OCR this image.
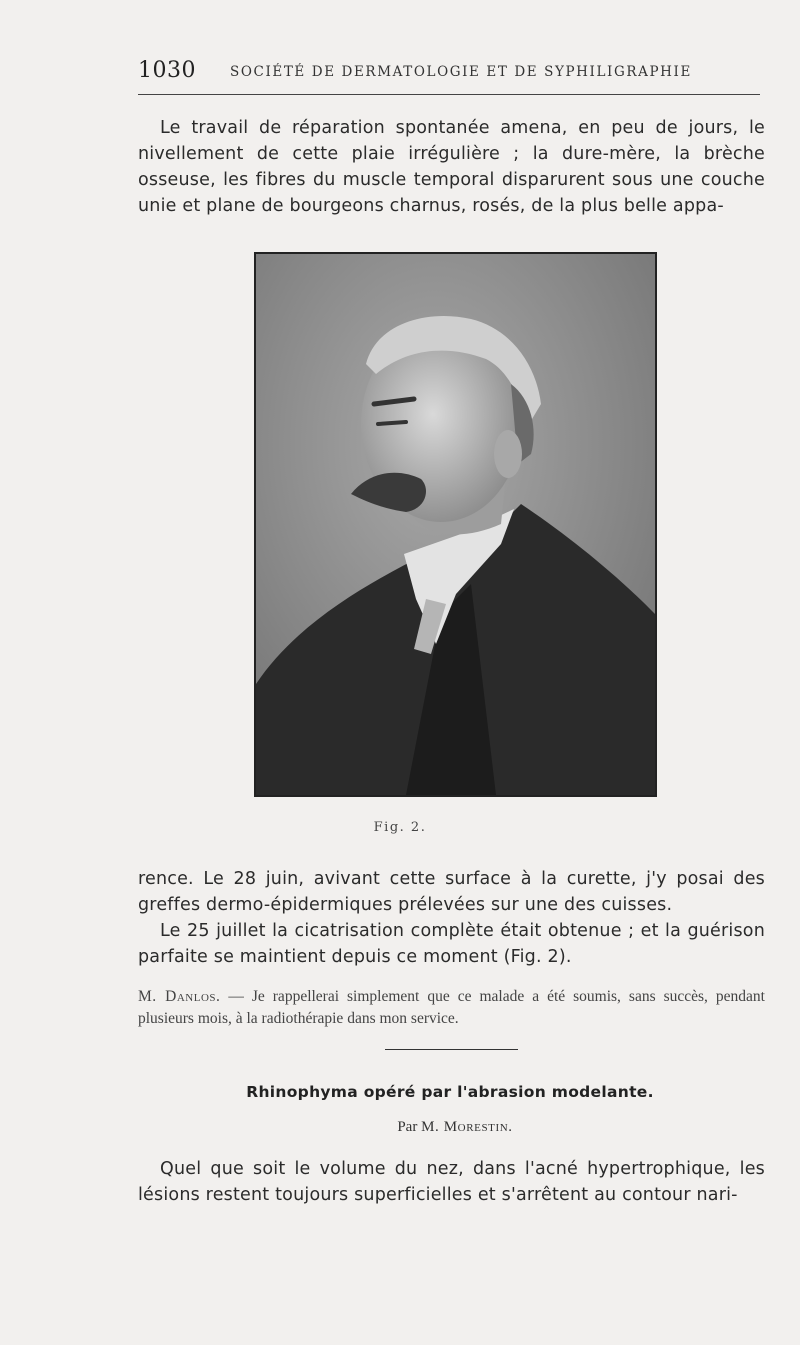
1030	SOCIÉTÉ DE DERMATOLOGIE ET DE SYPHILIGRAPHIE

Le travail de réparation spontanée amena, en peu de jours, le nivellement de cette plaie irrégulière ; la dure-mère, la brèche osseuse, les fibres du muscle temporal disparurent sous une couche unie et plane de bourgeons charnus, rosés, de la plus belle appa-

Fig. 2.

rence. Le 28 juin, avivant cette surface à la curette, j'y posai des greffes dermo-épidermiques prélevées sur une des cuisses.

Le 25 juillet la cicatrisation complète était obtenue ; et la guérison parfaite se maintient depuis ce moment (Fig. 2).

M. Danlos. — Je rappellerai simplement que ce malade a été soumis, sans succès, pendant plusieurs mois, à la radiothérapie dans mon service.
Rhinophyma opéré par l'abrasion modelante.
Par M. Morestin.

Quel que soit le volume du nez, dans l'acné hypertrophique, les lésions restent toujours superficielles et s'arrêtent au contour nari-
